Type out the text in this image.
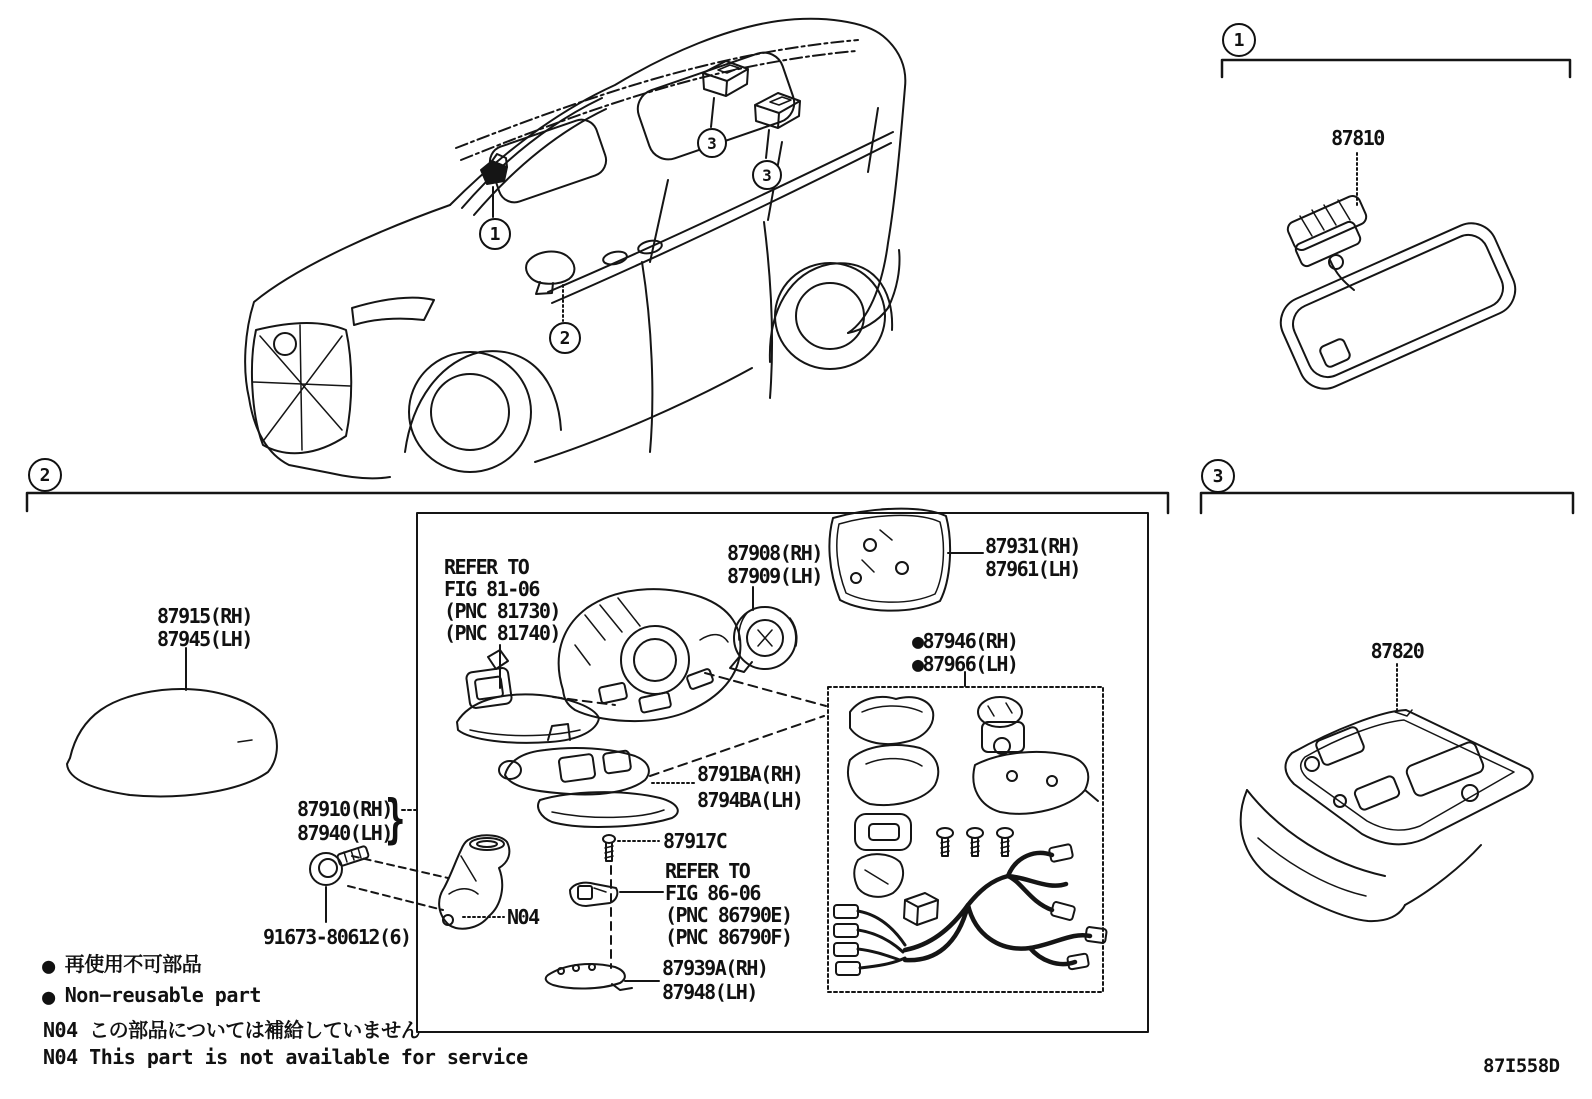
1
2	3
1
2
3
3
87810
87915(RH)
87945(LH)
87910(RH)
87940(LH)
}
91673-80612(6)
N04
REFER TO
FIG 81-06
(PNC 81730)
(PNC 81740)
87908(RH)
87909(LH)
87931(RH)
87961(LH)
●87946(RH)
●87966(LH)
8791BA(RH)
8794BA(LH)
87917C
REFER TO
FIG 86-06
(PNC 86790E)
(PNC 86790F)
87939A(RH)
87948(LH)
87820
● 再使用不可部品
● Non−reusable part
N04 この部品については補給していません
N04 This part is not available for service	87I558D
